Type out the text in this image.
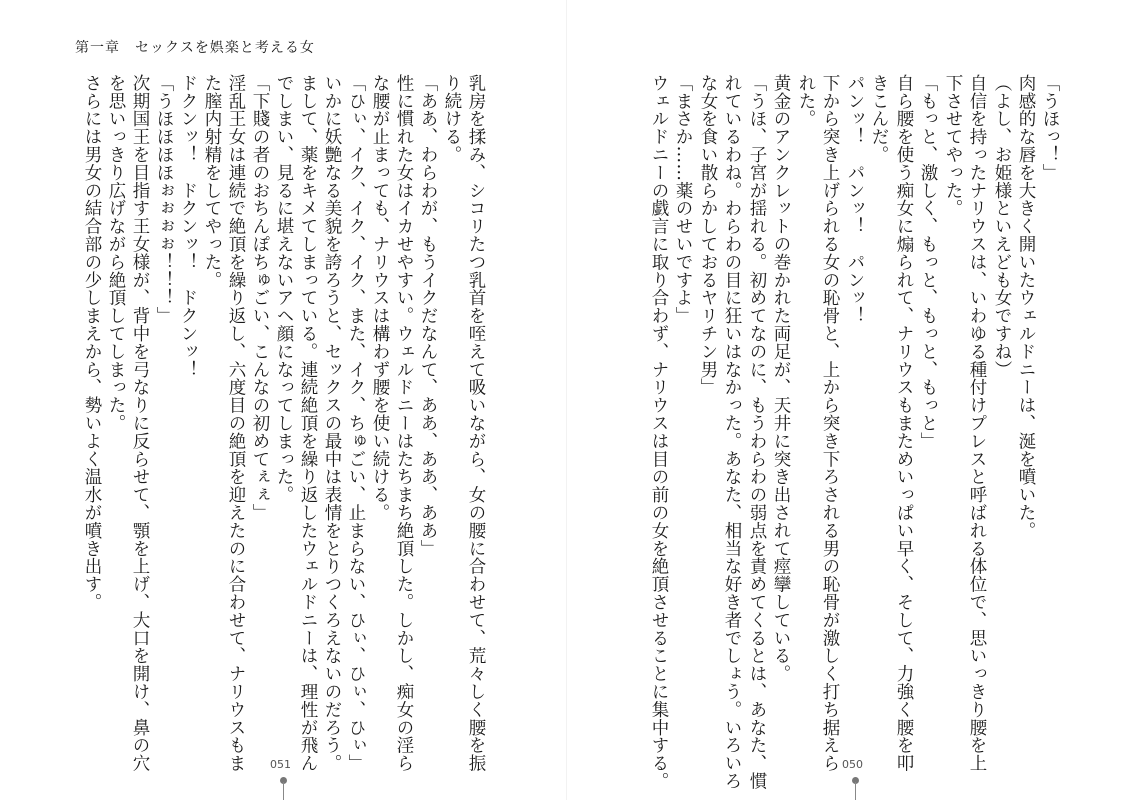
第一章　セックスを娯楽と考える女
「うほっ！」
肉感的な唇を大きく開いたウェルドニーは、涎を噴いた。
（よし、お姫様といえども女ですね）
自信を持ったナリウスは、いわゆる種付けプレスと呼ばれる体位で、思いっきり腰を上
下させてやった。
「もっと、激しく、もっと、もっと、もっと」
自ら腰を使う痴女に煽られて、ナリウスもまためいっぱい早く、そして、力強く腰を叩
きこんだ。
パンッ！　パンッ！　パンッ！
下から突き上げられる女の恥骨と、上から突き下ろされる男の恥骨が激しく打ち据えら
れた。
黄金のアンクレットの巻かれた両足が、天井に突き出されて痙攣している。
「うほ、子宮が揺れる。初めてなのに、もうわらわの弱点を責めてくるとは、あなた、慣
れているわね。わらわの目に狂いはなかった。あなた、相当な好き者でしょう。いろいろ
な女を食い散らかしておるヤリチン男」
「まさか……薬のせいですよ」
ウェルドニーの戯言に取り合わず、ナリウスは目の前の女を絶頂させることに集中する。
乳房を揉み、シコリたつ乳首を咥えて吸いながら、女の腰に合わせて、荒々しく腰を振
り続ける。
「ああ、わらわが、もうイクだなんて、ああ、ああ、ああ」
性に慣れた女はイカせやすい。ウェルドニーはたちまち絶頂した。しかし、痴女の淫ら
な腰が止まっても、ナリウスは構わず腰を使い続ける。
「ひぃ、イク、イク、イク、また、イク、ちゅごい、止まらない、ひぃ、ひぃ、ひぃ」
いかに妖艶なる美貌を誇ろうと、セックスの最中は表情をとりつくろえないのだろう。
まして、薬をキメてしまっている。連続絶頂を繰り返したウェルドニーは、理性が飛ん
でしまい、見るに堪えないアヘ顔になってしまった。
「下賤の者のおちんぽちゅごい、こんなの初めてぇぇ」
淫乱王女は連続で絶頂を繰り返し、六度目の絶頂を迎えたのに合わせて、ナリウスもま
た膣内射精をしてやった。
ドクンッ！　ドクンッ！　ドクンッ！
「うほほほほぉぉぉぉ！！！」
次期国王を目指す王女様が、背中を弓なりに反らせて、顎を上げ、大口を開け、鼻の穴
を思いっきり広げながら絶頂してしまった。
さらには男女の結合部の少しまえから、勢いよく温水が噴き出す。
051	050
